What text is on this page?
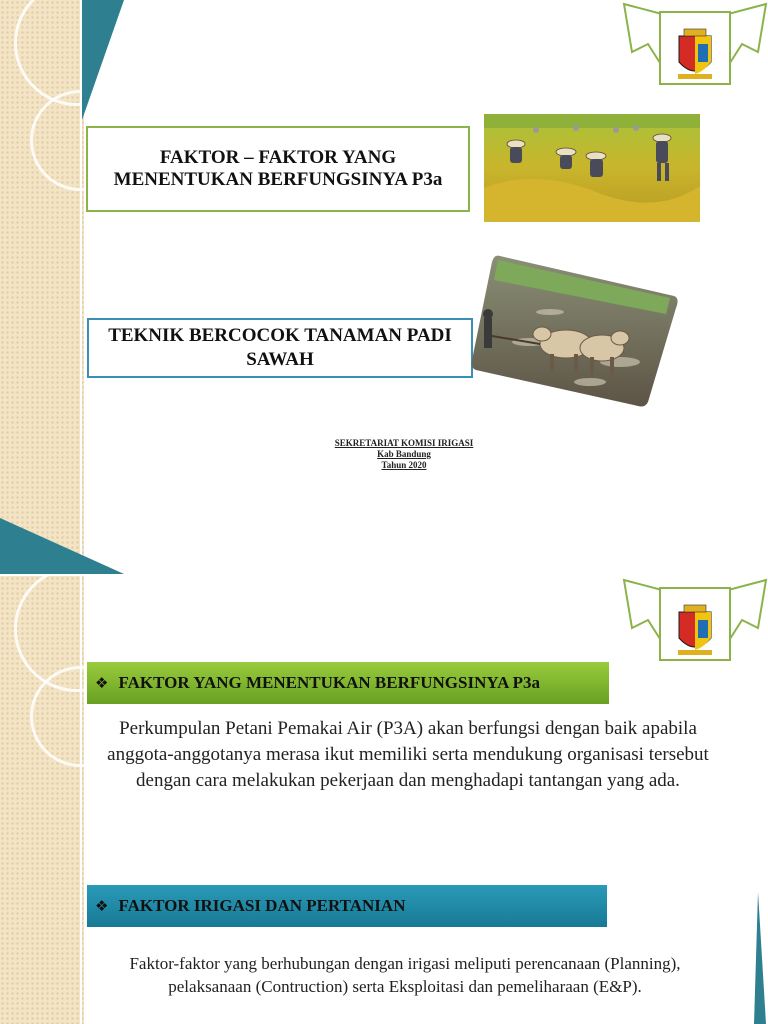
FAKTOR – FAKTOR YANG MENENTUKAN BERFUNGSINYA P3a
TEKNIK BERCOCOK TANAMAN PADI SAWAH
SEKRETARIAT KOMISI IRIGASI
Kab Bandung
Tahun 2020
❖ FAKTOR YANG MENENTUKAN BERFUNGSINYA P3a
Perkumpulan Petani Pemakai Air (P3A) akan berfungsi dengan baik apabila anggota-anggotanya merasa ikut memiliki serta mendukung organisasi tersebut dengan cara melakukan pekerjaan dan menghadapi tantangan yang ada.
❖ FAKTOR IRIGASI DAN PERTANIAN
Faktor-faktor yang berhubungan dengan irigasi meliputi perencanaan (Planning), pelaksanaan (Contruction) serta Eksploitasi dan pemeliharaan (E&P).
